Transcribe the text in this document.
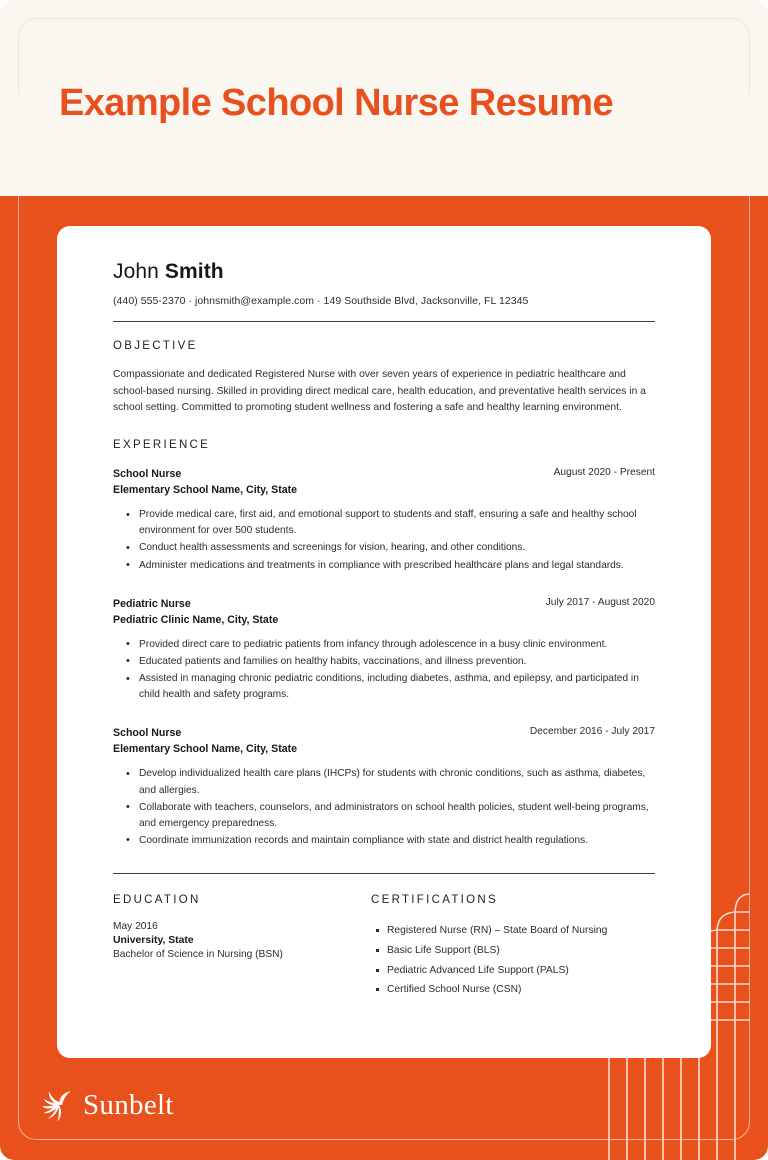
Example School Nurse Resume
John Smith
(440) 555-2370 · johnsmith@example.com · 149 Southside Blvd, Jacksonville, FL 12345
OBJECTIVE

Compassionate and dedicated Registered Nurse with over seven years of experience in pediatric healthcare and school-based nursing. Skilled in providing direct medical care, health education, and preventative health services in a school setting. Committed to promoting student wellness and fostering a safe and healthy learning environment.

EXPERIENCE
School Nurse
Elementary School Name, City, State
August 2020 - Present
• Provide medical care, first aid, and emotional support to students and staff, ensuring a safe and healthy school environment for over 500 students.
• Conduct health assessments and screenings for vision, hearing, and other conditions.
• Administer medications and treatments in compliance with prescribed healthcare plans and legal standards.
Pediatric Nurse
Pediatric Clinic Name, City, State
July 2017 - August 2020
• Provided direct care to pediatric patients from infancy through adolescence in a busy clinic environment.
• Educated patients and families on healthy habits, vaccinations, and illness prevention.
• Assisted in managing chronic pediatric conditions, including diabetes, asthma, and epilepsy, and participated in child health and safety programs.
School Nurse
Elementary School Name, City, State
December 2016 - July 2017
• Develop individualized health care plans (IHCPs) for students with chronic conditions, such as asthma, diabetes, and allergies.
• Collaborate with teachers, counselors, and administrators on school health policies, student well-being programs, and emergency preparedness.
• Coordinate immunization records and maintain compliance with state and district health regulations.
EDUCATION
May 2016
University, State
Bachelor of Science in Nursing (BSN)
CERTIFICATIONS
Registered Nurse (RN) – State Board of Nursing
Basic Life Support (BLS)
Pediatric Advanced Life Support (PALS)
Certified School Nurse (CSN)
Sunbelt
